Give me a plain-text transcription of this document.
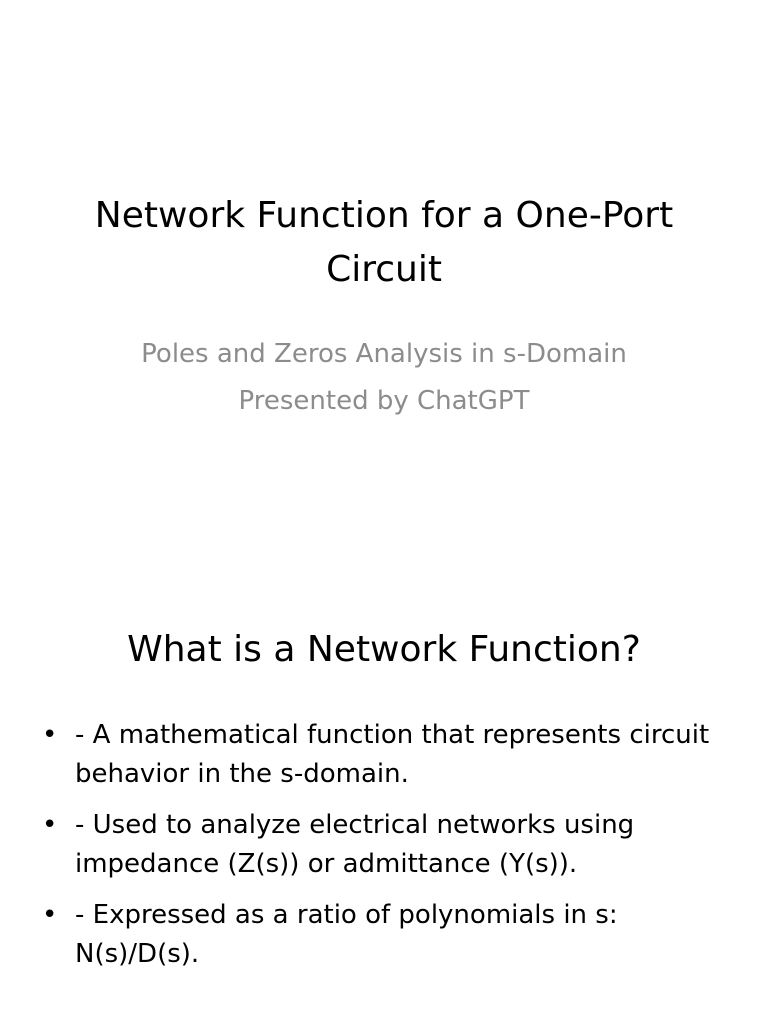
Network Function for a One-Port Circuit
Poles and Zeros Analysis in s-Domain
Presented by ChatGPT
What is a Network Function?
• - A mathematical function that represents circuit behavior in the s-domain.
• - Used to analyze electrical networks using impedance (Z(s)) or admittance (Y(s)).
• - Expressed as a ratio of polynomials in s: N(s)/D(s).
